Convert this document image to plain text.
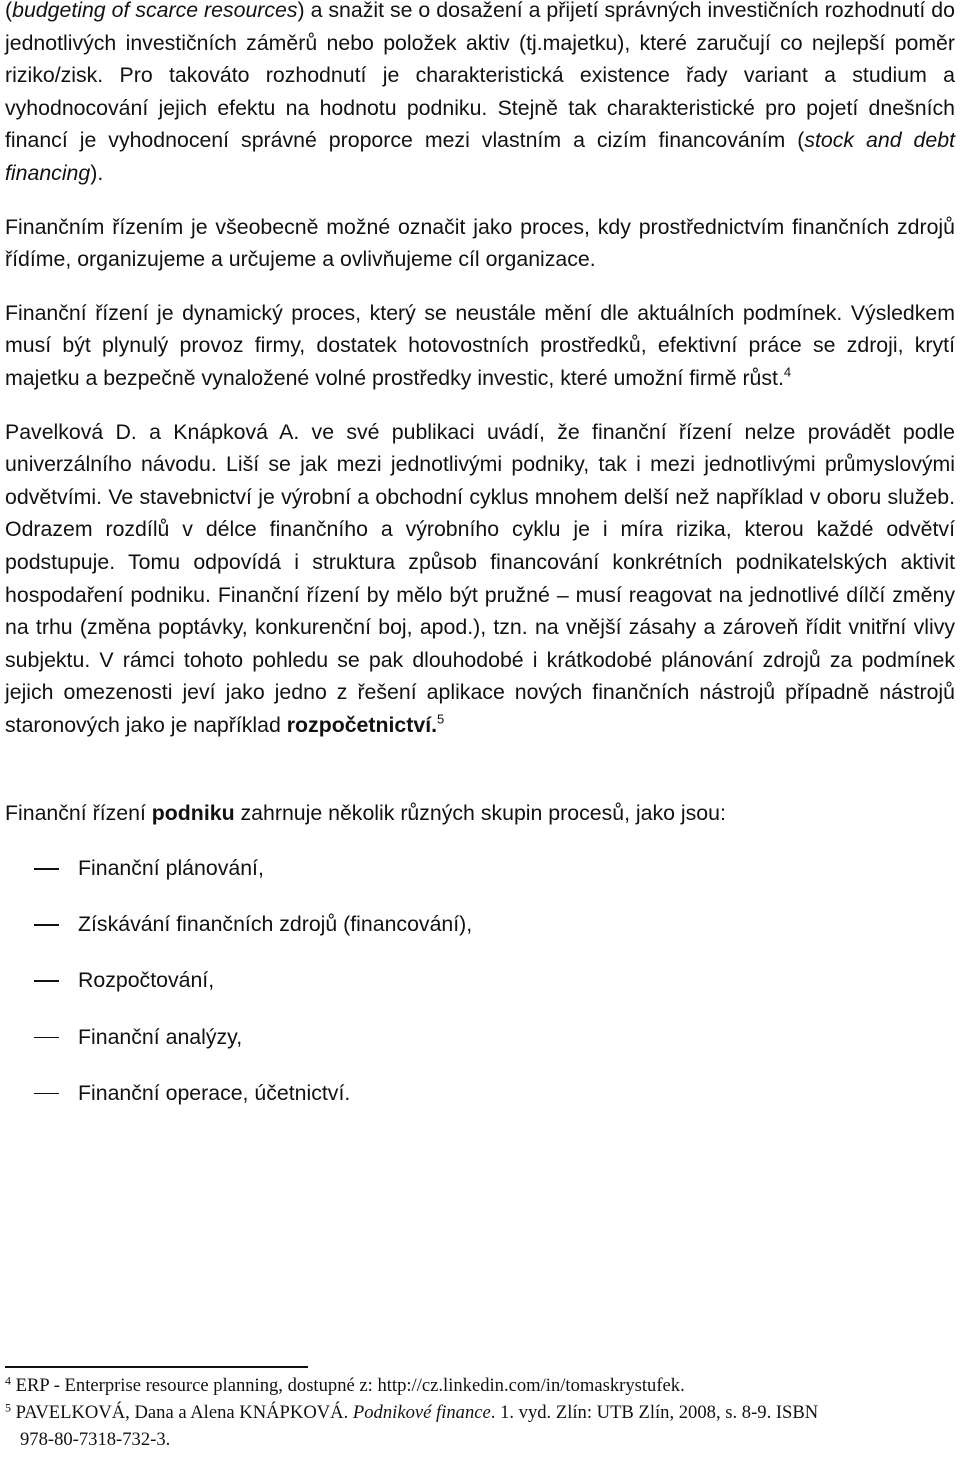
(budgeting of scarce resources) a snažit se o dosažení a přijetí správných investičních rozhodnutí do jednotlivých investičních záměrů nebo položek aktiv (tj.majetku), které zaručují co nejlepší poměr riziko/zisk. Pro takováto rozhodnutí je charakteristická existence řady variant a studium a vyhodnocování jejich efektu na hodnotu podniku. Stejně tak charakteristické pro pojetí dnešních financí je vyhodnocení správné proporce mezi vlastním a cizím financováním (stock and debt financing).

Finančním řízením je všeobecně možné označit jako proces, kdy prostřednictvím finančních zdrojů řídíme, organizujeme a určujeme a ovlivňujeme cíl organizace.

Finanční řízení je dynamický proces, který se neustále mění dle aktuálních podmínek. Výsledkem musí být plynulý provoz firmy, dostatek hotovostních prostředků, efektivní práce se zdroji, krytí majetku a bezpečně vynaložené volné prostředky investic, které umožní firmě růst.$^4$

Pavelková D. a Knápková A. ve své publikaci uvádí, že finanční řízení nelze provádět podle univerzálního návodu. Liší se jak mezi jednotlivými podniky, tak i mezi jednotlivými průmyslovými odvětvími. Ve stavebnictví je výrobní a obchodní cyklus mnohem delší než například v oboru služeb. Odrazem rozdílů v délce finančního a výrobního cyklu je i míra rizika, kterou každé odvětví podstupuje. Tomu odpovídá i struktura způsob financování konkrétních podnikatelských aktivit hospodaření podniku. Finanční řízení by mělo být pružné – musí reagovat na jednotlivé dílčí změny na trhu (změna poptávky, konkurenční boj, apod.), tzn. na vnější zásahy a zároveň řídit vnitřní vlivy subjektu. V rámci tohoto pohledu se pak dlouhodobé i krátkodobé plánování zdrojů za podmínek jejich omezenosti jeví jako jedno z řešení aplikace nových finančních nástrojů případně nástrojů staronových jako je například rozpočetnictví.$^5$

Finanční řízení podniku zahrnuje několik různých skupin procesů, jako jsou:

Finanční plánování,
Získávání finančních zdrojů (financování),
Rozpočtování,
Finanční analýzy,
Finanční operace, účetnictví.

$^4$ ERP - Enterprise resource planning, dostupné z: http://cz.linkedin.com/in/tomaskrystufek.

$^5$ PAVELKOVÁ, Dana a Alena KNÁPKOVÁ. Podnikové finance. 1. vyd. Zlín: UTB Zlín, 2008, s. 8-9. ISBN

978-80-7318-732-3.
